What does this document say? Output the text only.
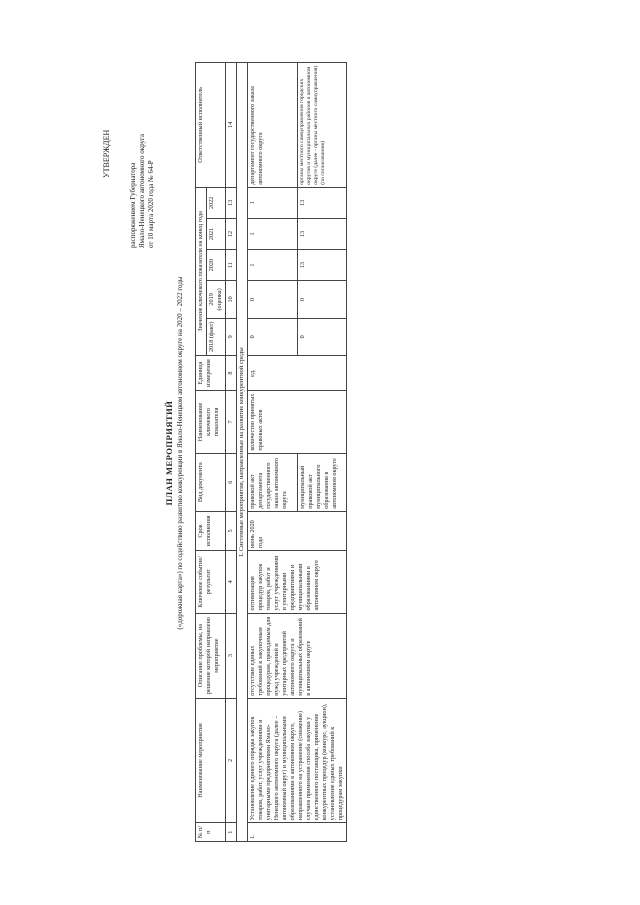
УТВЕРЖДЕН
распоряжением Губернатора Ямало-Ненецкого автономного округа от 10 марта 2020 года № 64-Р
ПЛАН МЕРОПРИЯТИЙ («дорожная карта») по содействию развитию конкуренции в Ямало-Ненецком автономном округе на 2020 – 2022 годы
№ п/п	Наименование мероприятия	Описание проблемы, на решение которой направлено мероприятие	Ключевое событие/ результат	Срок исполнения	Вид документа	Наименование ключевого показателя	Единица измерения	Значение ключевого показателя на конец года					Ответственный исполнитель
								2018 (факт)	2019 (оценка)	2020	2021	2022	
1	2	3	4	5	6	7	8	9	10	11	12	13	14
I. Системные мероприятия, направленные на развитие конкурентной среды													
1.	Установление единого порядка закупок товаров, работ, услуг учреждениями и унитарными предприятиями Ямало-Ненецкого автономного округа (далее – автономный округ) и муниципальными образованиями в автономном округе, направленного на устранение (снижение) случаев применения способа закупки у единственного поставщика, применение конкурентных процедур (конкурс, аукцион), установление единых требований к процедурам закупки	отсутствие единых требований к закупочным процедурам, проводимым для нужд учреждений и унитарных предприятий автономного округа и муниципальных образований в автономном округе	оптимизация процедур закупок товаров, работ и услуг учреждениями и унитарными предприятиями и муниципальными образованиями в автономном округе	июнь 2020 года	правовой акт департамента государственного заказа автономного округа	количество принятых правовых актов	ед.	0	0	1	1	1	департамент государственного заказа автономного округа
					муниципальный правовой акт муниципального образования в автономном округе			0	0	13	13	13	органы местного самоуправления городских округов и муниципальных районов в автономном округе (далее - органы местного самоуправления) (по согласованию)
